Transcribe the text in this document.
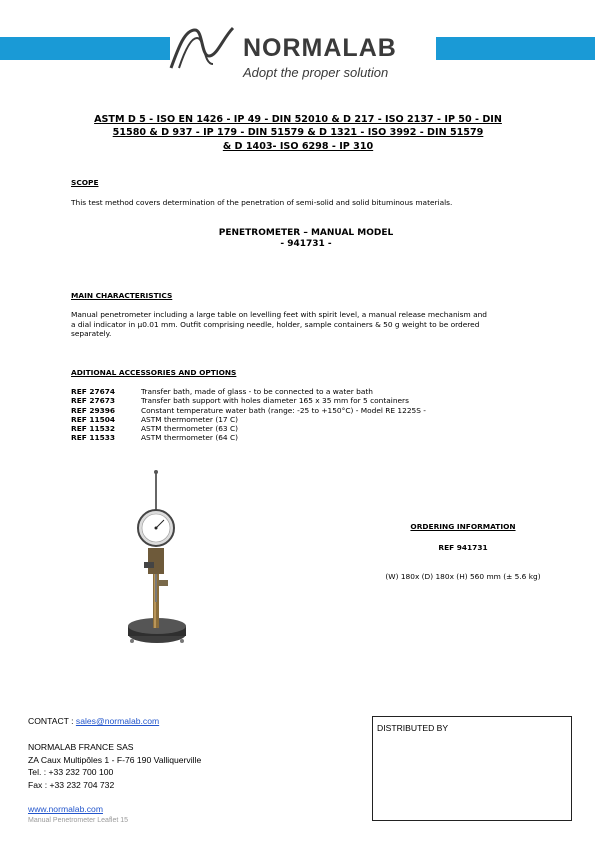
NORMALAB
Adopt the proper solution
ASTM D 5 - ISO EN 1426 - IP 49 - DIN 52010 & D 217 - ISO 2137 - IP 50 - DIN
51580 & D 937 - IP 179 - DIN 51579 & D 1321 - ISO 3992 - DIN 51579
& D 1403- ISO 6298 - IP 310
SCOPE
This test method covers determination of the penetration of semi-solid and solid bituminous materials.
PENETROMETER – MANUAL MODEL
- 941731 -
MAIN CHARACTERISTICS
Manual penetrometer including a large table on levelling feet with spirit level, a manual release mechanism and
a dial indicator in µ0.01 mm. Outfit comprising needle, holder, sample containers & 50 g weight to be ordered
separately.
ADITIONAL ACCESSORIES AND OPTIONS
REF 27674	Transfer bath, made of glass - to be connected to a water bath
REF 27673	Transfer bath support with holes diameter 165 x 35 mm for 5 containers
REF 29396	Constant temperature water bath (range: -25 to +150°C) - Model RE 1225S -
REF 11504	ASTM thermometer (17 C)
REF 11532	ASTM thermometer (63 C)
REF 11533	ASTM thermometer (64 C)
ORDERING INFORMATION
REF 941731
(W) 180x (D) 180x (H) 560 mm (± 5.6 kg)
CONTACT : sales@normalab.com
NORMALAB FRANCE SAS
ZA Caux Multipôles 1 - F-76 190 Valliquerville
Tel. : +33 232 700 100
Fax : +33 232 704 732
www.normalab.com
Manual Penetrometer Leaflet 15
DISTRIBUTED BY
